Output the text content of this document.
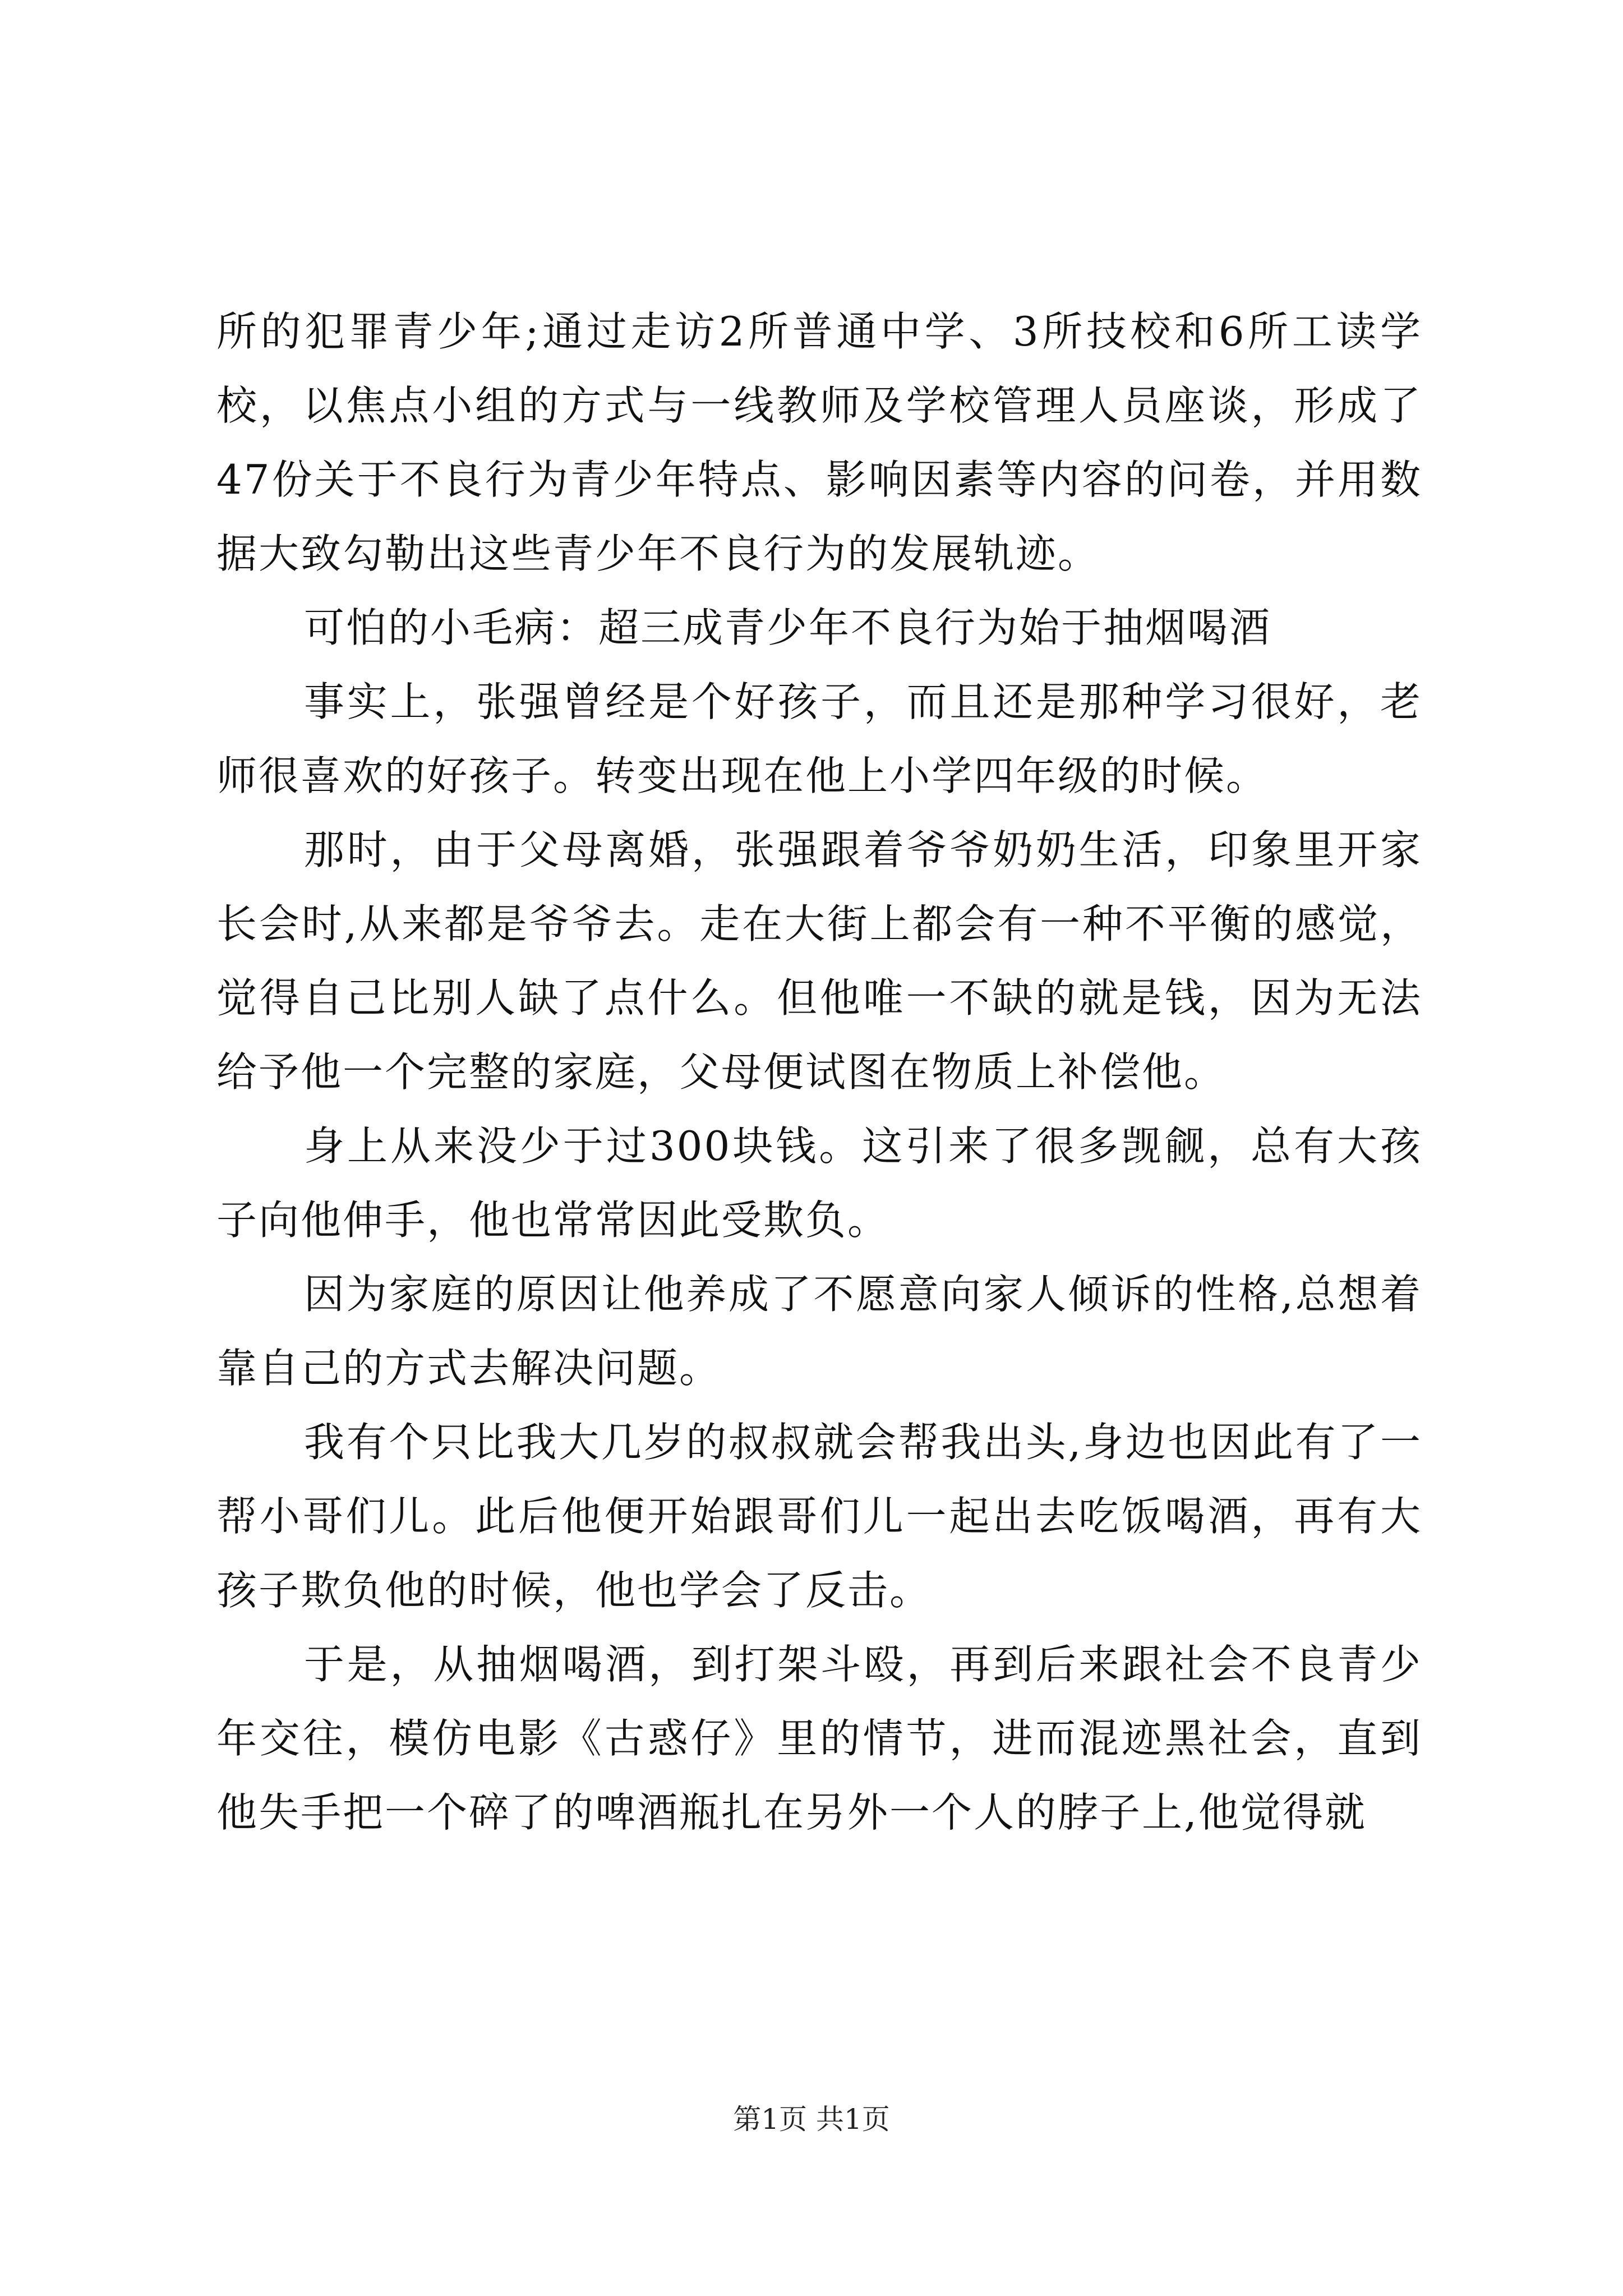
所的犯罪青少年;通过走访2所普通中学、3所技校和6所工读学校，以焦点小组的方式与一线教师及学校管理人员座谈，形成了47份关于不良行为青少年特点、影响因素等内容的问卷，并用数据大致勾勒出这些青少年不良行为的发展轨迹。

可怕的小毛病：超三成青少年不良行为始于抽烟喝酒

事实上，张强曾经是个好孩子，而且还是那种学习很好，老师很喜欢的好孩子。转变出现在他上小学四年级的时候。

那时，由于父母离婚，张强跟着爷爷奶奶生活，印象里开家长会时,从来都是爷爷去。走在大街上都会有一种不平衡的感觉，觉得自己比别人缺了点什么。但他唯一不缺的就是钱，因为无法给予他一个完整的家庭，父母便试图在物质上补偿他。

身上从来没少于过300块钱。这引来了很多觊觎，总有大孩子向他伸手，他也常常因此受欺负。

因为家庭的原因让他养成了不愿意向家人倾诉的性格,总想着靠自己的方式去解决问题。

我有个只比我大几岁的叔叔就会帮我出头,身边也因此有了一帮小哥们儿。此后他便开始跟哥们儿一起出去吃饭喝酒，再有大孩子欺负他的时候，他也学会了反击。

于是，从抽烟喝酒，到打架斗殴，再到后来跟社会不良青少年交往，模仿电影《古惑仔》里的情节，进而混迹黑社会，直到他失手把一个碎了的啤酒瓶扎在另外一个人的脖子上,他觉得就

第1页 共1页
